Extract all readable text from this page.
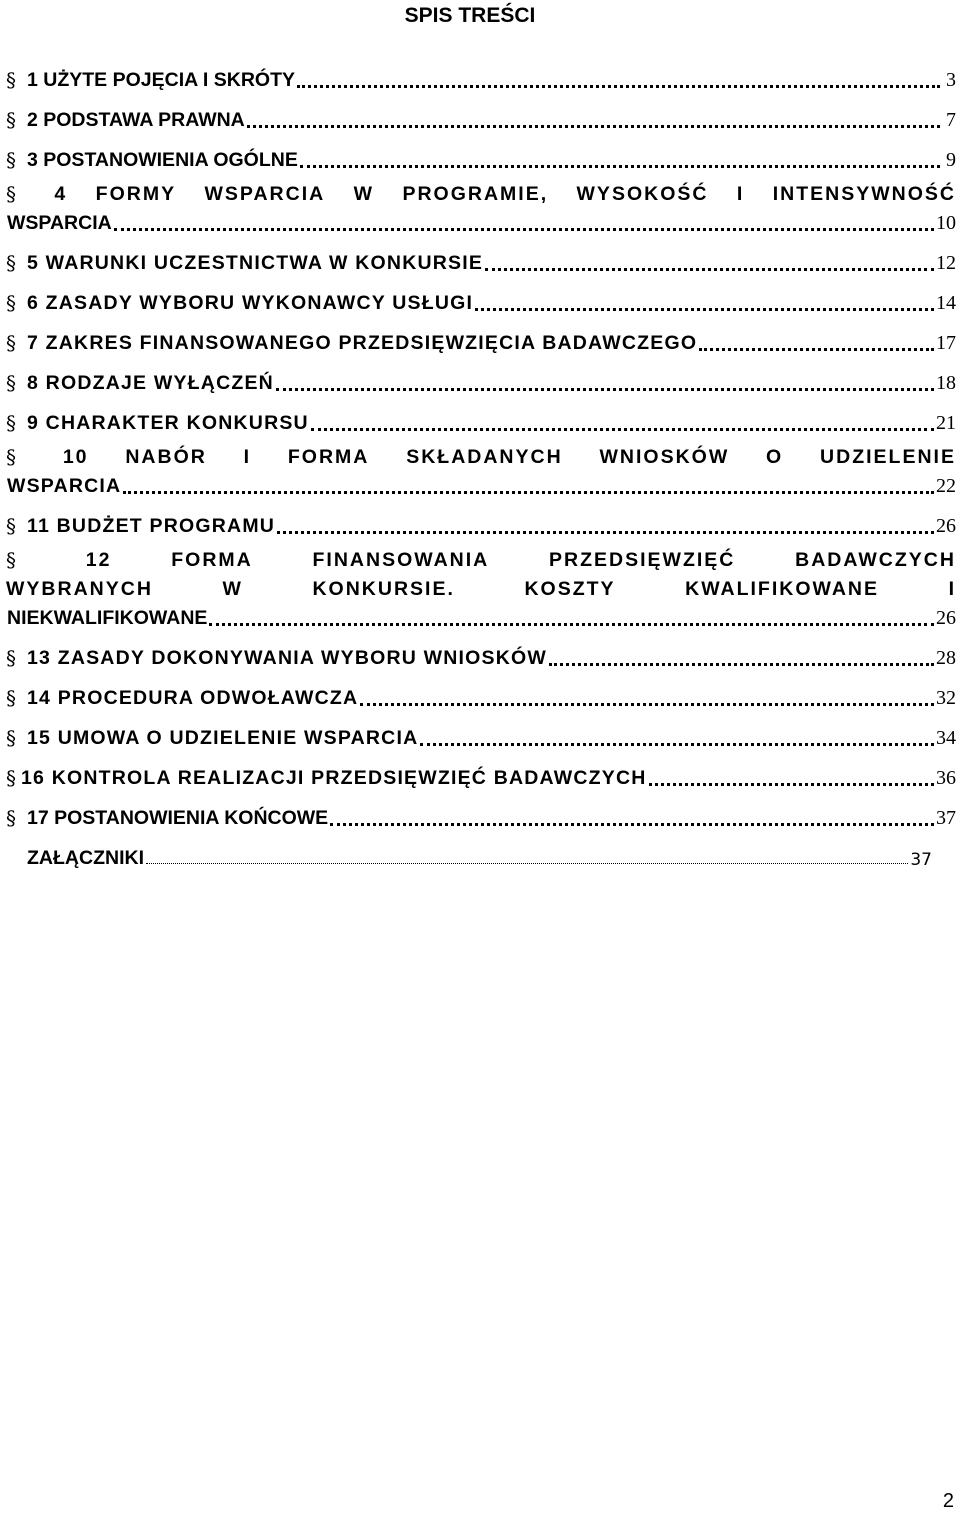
SPIS TREŚCI
§ 1 UŻYTE POJĘCIA I SKRÓTY	3
§ 2 PODSTAWA PRAWNA	7
§ 3 POSTANOWIENIA OGÓLNE	9
§	4 FORMY WSPARCIA W PROGRAMIE, WYSOKOŚĆ I INTENSYWNOŚĆ
WSPARCIA	10
§ 5 WARUNKI UCZESTNICTWA W KONKURSIE	12
§ 6 ZASADY WYBORU WYKONAWCY USŁUGI	14
§ 7 ZAKRES FINANSOWANEGO PRZEDSIĘWZIĘCIA BADAWCZEGO	17
§ 8 RODZAJE WYŁĄCZEŃ	18
§ 9 CHARAKTER KONKURSU	21
§	10 NABÓR I FORMA SKŁADANYCH WNIOSKÓW O UDZIELENIE
WSPARCIA	22
§ 11 BUDŻET PROGRAMU	26
§	12	FORMA	FINANSOWANIA	PRZEDSIĘWZIĘĆ	BADAWCZYCH
WYBRANYCH	W	KONKURSIE.	KOSZTY	KWALIFIKOWANE	I
NIEKWALIFIKOWANE	26
§ 13 ZASADY DOKONYWANIA WYBORU WNIOSKÓW	28
§ 14 PROCEDURA ODWOŁAWCZA	32
§ 15 UMOWA O UDZIELENIE WSPARCIA	34
§ 16 KONTROLA REALIZACJI PRZEDSIĘWZIĘĆ BADAWCZYCH	36
§ 17 POSTANOWIENIA KOŃCOWE	37
ZAŁĄCZNIKI	37
2
